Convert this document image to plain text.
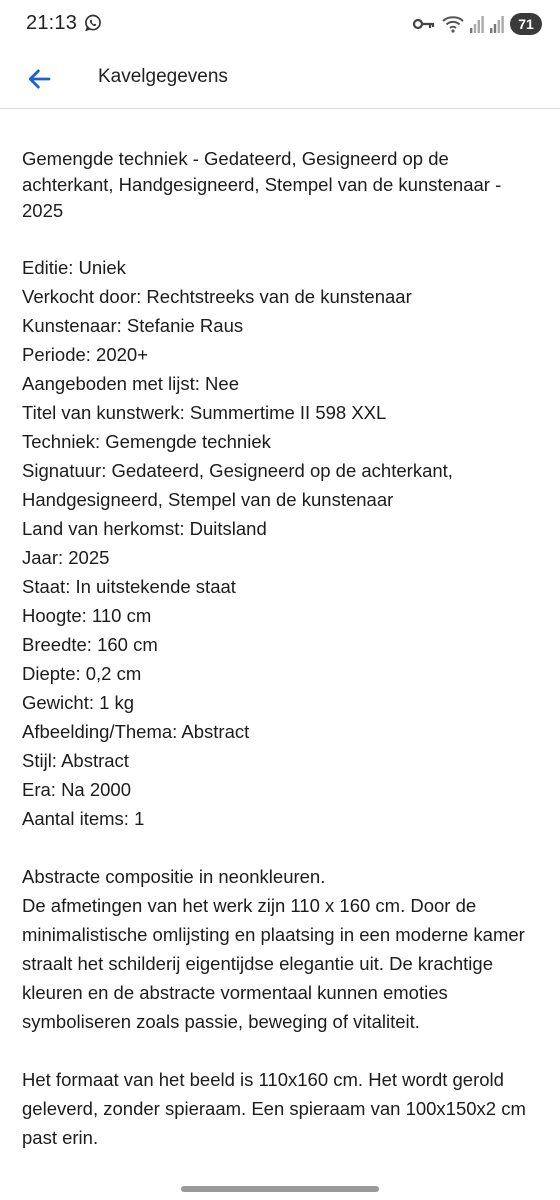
21:13	71
Kavelgegevens

Gemengde techniek - Gedateerd, Gesigneerd op de achterkant, Handgesigneerd, Stempel van de kunstenaar - 2025

Editie: Uniek
Verkocht door: Rechtstreeks van de kunstenaar
Kunstenaar: Stefanie Raus
Periode: 2020+
Aangeboden met lijst: Nee
Titel van kunstwerk: Summertime II 598 XXL
Techniek: Gemengde techniek
Signatuur: Gedateerd, Gesigneerd op de achterkant, Handgesigneerd, Stempel van de kunstenaar
Land van herkomst: Duitsland
Jaar: 2025
Staat: In uitstekende staat
Hoogte: 110 cm
Breedte: 160 cm
Diepte: 0,2 cm
Gewicht: 1 kg
Afbeelding/Thema: Abstract
Stijl: Abstract
Era: Na 2000
Aantal items: 1

Abstracte compositie in neonkleuren.

De afmetingen van het werk zijn 110 x 160 cm. Door de minimalistische omlijsting en plaatsing in een moderne kamer straalt het schilderij eigentijdse elegantie uit. De krachtige kleuren en de abstracte vormentaal kunnen emoties symboliseren zoals passie, beweging of vitaliteit.

Het formaat van het beeld is 110x160 cm. Het wordt gerold geleverd, zonder spieraam. Een spieraam van 100x150x2 cm past erin.
